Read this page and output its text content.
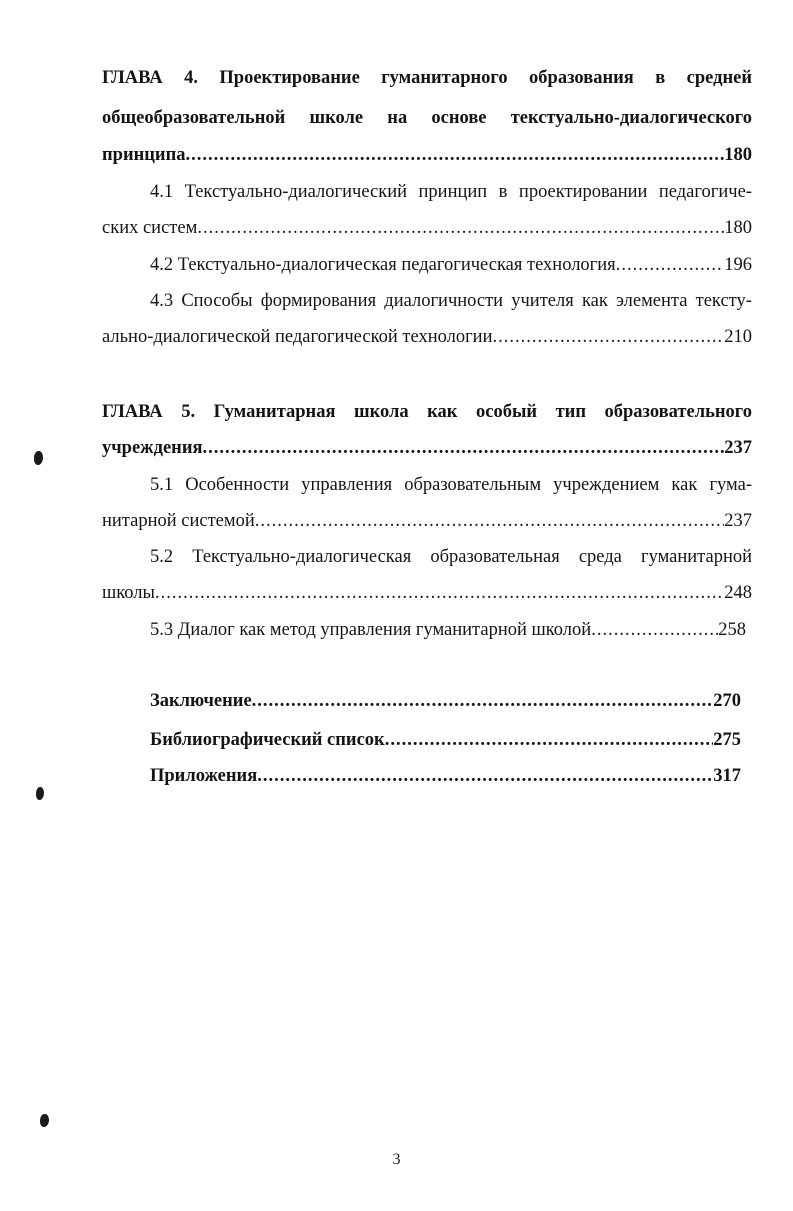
ГЛАВА 4. Проектирование гуманитарного образования в средней
общеобразовательной школе на основе текстуально-диалогического
принципа .....	180
4.1 Текстуально-диалогический принцип в проектировании педагогиче-
ских систем .....	180
4.2 Текстуально-диалогическая педагогическая технология .....	196
4.3 Способы формирования диалогичности учителя как элемента тексту-
ально-диалогической педагогической технологии .....	210
ГЛАВА 5. Гуманитарная школа как особый тип образовательного
учреждения .....	237
5.1 Особенности управления образовательным учреждением как гума-
нитарной системой .....	237
5.2 Текстуально-диалогическая образовательная среда гуманитарной
школы .....	248
5.3 Диалог как метод управления гуманитарной школой .....	258
Заключение .....	270
Библиографический список .....	275
Приложения .....	317
3
